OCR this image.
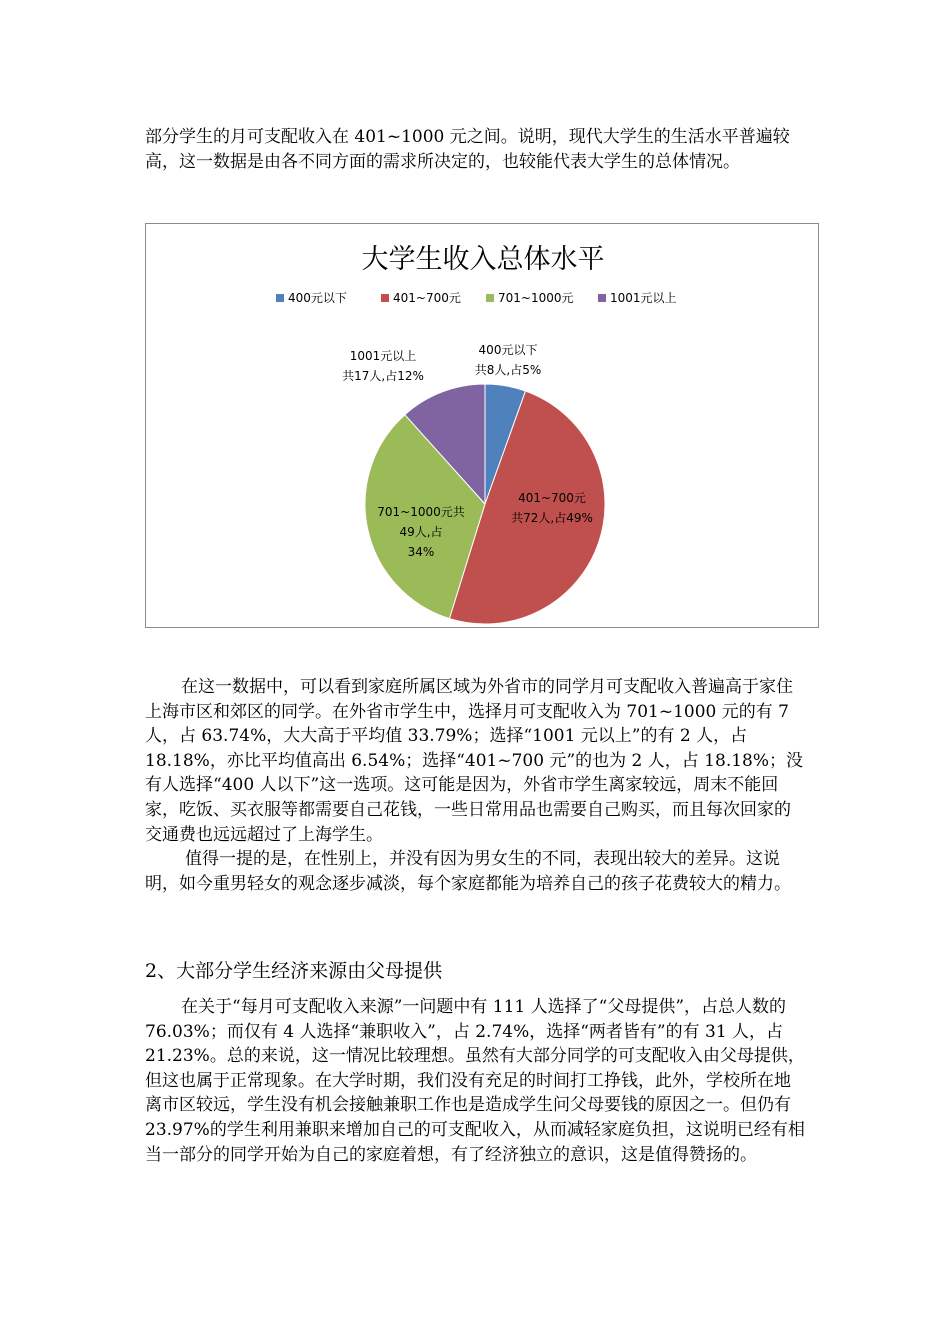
部分学生的月可支配收入在 401~1000 元之间。说明，现代大学生的生活水平普遍较高，这一数据是由各不同方面的需求所决定的，也较能代表大学生的总体情况。

大学生收入总体水平
400元以下	401~700元	701~1000元	1001元以上
400元以下共8人,占5%
401~700元共72人,占49%
701~1000元共 49人,占 34%
1001元以上共17人,占12%

在这一数据中，可以看到家庭所属区域为外省市的同学月可支配收入普遍高于家住上海市区和郊区的同学。在外省市学生中，选择月可支配收入为 701~1000 元的有 7 人，占 63.74%，大大高于平均值 33.79%；选择“1001 元以上”的有 2 人，占 18.18%，亦比平均值高出 6.54%；选择“401~700 元”的也为 2 人，占 18.18%；没有人选择“400 人以下”这一选项。这可能是因为，外省市学生离家较远，周末不能回家，吃饭、买衣服等都需要自己花钱，一些日常用品也需要自己购买，而且每次回家的交通费也远远超过了上海学生。

值得一提的是，在性别上，并没有因为男女生的不同，表现出较大的差异。这说明，如今重男轻女的观念逐步减淡，每个家庭都能为培养自己的孩子花费较大的精力。

2、大部分学生经济来源由父母提供

在关于“每月可支配收入来源”一问题中有 111 人选择了“父母提供”，占总人数的 76.03%；而仅有 4 人选择“兼职收入”，占 2.74%，选择“两者皆有”的有 31 人，占 21.23%。总的来说，这一情况比较理想。虽然有大部分同学的可支配收入由父母提供，但这也属于正常现象。在大学时期，我们没有充足的时间打工挣钱，此外，学校所在地离市区较远，学生没有机会接触兼职工作也是造成学生问父母要钱的原因之一。但仍有 23.97%的学生利用兼职来增加自己的可支配收入，从而减轻家庭负担，这说明已经有相当一部分的同学开始为自己的家庭着想，有了经济独立的意识，这是值得赞扬的。
